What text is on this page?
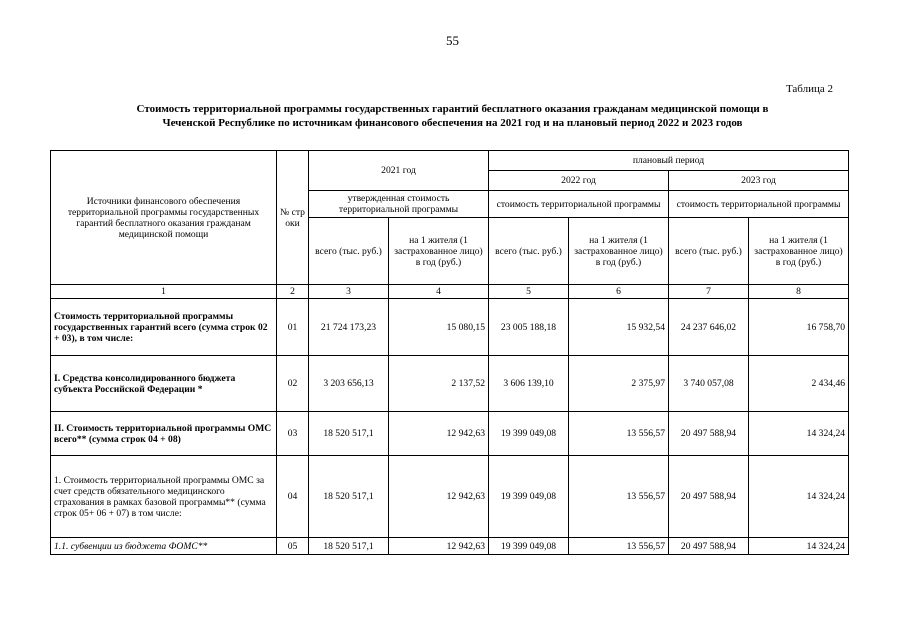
55
Таблица 2
Стоимость территориальной программы государственных гарантий бесплатного оказания гражданам медицинской помощи в
Чеченской Республике по источникам финансового обеспечения на 2021 год и на плановый период 2022 и 2023 годов
Источники финансового обеспечения территориальной программы государственных гарантий бесплатного оказания гражданам медицинской помощи	№ стр оки	2021 год		плановый период			
				2022 год		2023 год	
		утвержденная стоимость территориальной программы		стоимость территориальной программы		стоимость территориальной программы	
		всего (тыс. руб.)	на 1 жителя (1 застрахованное лицо) в год (руб.)	всего (тыс. руб.)	на 1 жителя (1 застрахованное лицо) в год (руб.)	всего (тыс. руб.)	на 1 жителя (1 застрахованное лицо) в год (руб.)
1	2	3	4	5	6	7	8
Стоимость территориальной программы государственных гарантий всего (сумма строк 02 + 03), в том числе:	01	21 724 173,23	15 080,15	23 005 188,18	15 932,54	24 237 646,02	16 758,70
I. Средства консолидированного бюджета субъекта Российской Федерации *	02	3 203 656,13	2 137,52	3 606 139,10	2 375,97	3 740 057,08	2 434,46
II. Стоимость территориальной программы ОМС всего** (сумма строк 04 + 08)	03	18 520 517,1	12 942,63	19 399 049,08	13 556,57	20 497 588,94	14 324,24
1. Стоимость территориальной программы ОМС за счет средств обязательного медицинского страхования в рамках базовой программы** (сумма строк 05+ 06 + 07) в том числе:	04	18 520 517,1	12 942,63	19 399 049,08	13 556,57	20 497 588,94	14 324,24
1.1. субвенции из бюджета ФОМС**	05	18 520 517,1	12 942,63	19 399 049,08	13 556,57	20 497 588,94	14 324,24
